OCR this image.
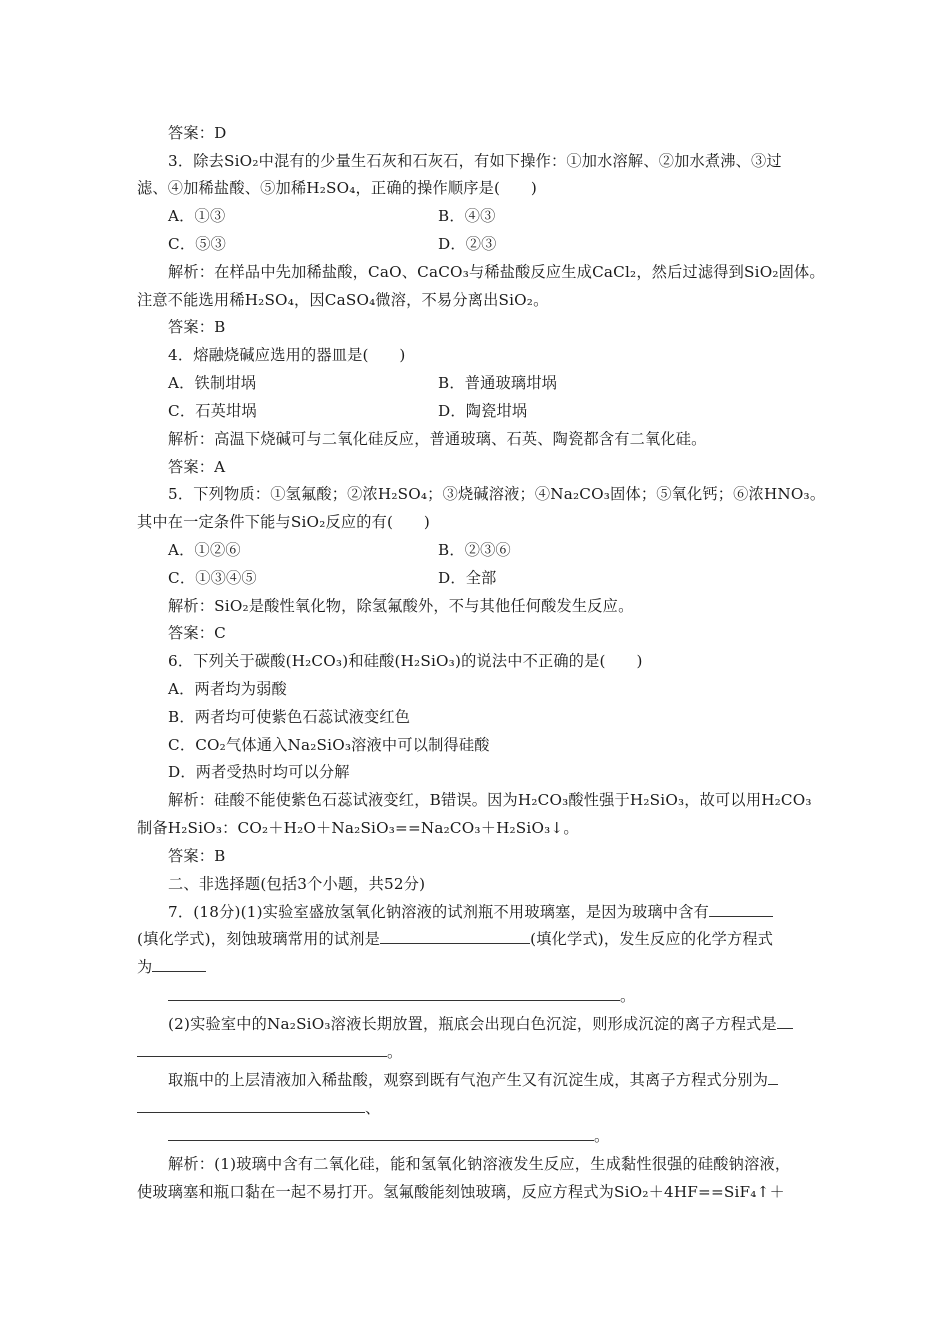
答案：D
3．除去SiO₂中混有的少量生石灰和石灰石，有如下操作：①加水溶解、②加水煮沸、③过
滤、④加稀盐酸、⑤加稀H₂SO₄，正确的操作顺序是(　　)
A．①③	B．④③
C．⑤③	D．②③
解析：在样品中先加稀盐酸，CaO、CaCO₃与稀盐酸反应生成CaCl₂，然后过滤得到SiO₂固体。
注意不能选用稀H₂SO₄，因CaSO₄微溶，不易分离出SiO₂。
答案：B
4．熔融烧碱应选用的器皿是(　　)
A．铁制坩埚	B．普通玻璃坩埚
C．石英坩埚	D．陶瓷坩埚
解析：高温下烧碱可与二氧化硅反应，普通玻璃、石英、陶瓷都含有二氧化硅。
答案：A
5．下列物质：①氢氟酸；②浓H₂SO₄；③烧碱溶液；④Na₂CO₃固体；⑤氧化钙；⑥浓HNO₃。
其中在一定条件下能与SiO₂反应的有(　　)
A．①②⑥	B．②③⑥
C．①③④⑤	D．全部
解析：SiO₂是酸性氧化物，除氢氟酸外，不与其他任何酸发生反应。
答案：C
6．下列关于碳酸(H₂CO₃)和硅酸(H₂SiO₃)的说法中不正确的是(　　)
A．两者均为弱酸
B．两者均可使紫色石蕊试液变红色
C．CO₂气体通入Na₂SiO₃溶液中可以制得硅酸
D．两者受热时均可以分解
解析：硅酸不能使紫色石蕊试液变红，B错误。因为H₂CO₃酸性强于H₂SiO₃，故可以用H₂CO₃
制备H₂SiO₃：CO₂＋H₂O＋Na₂SiO₃==Na₂CO₃＋H₂SiO₃↓。
答案：B
二、非选择题(包括3个小题，共52分)
7．(18分)(1)实验室盛放氢氧化钠溶液的试剂瓶不用玻璃塞，是因为玻璃中含有
(填化学式)，刻蚀玻璃常用的试剂是	(填化学式)，发生反应的化学方程式
为
。
(2)实验室中的Na₂SiO₃溶液长期放置，瓶底会出现白色沉淀，则形成沉淀的离子方程式是
。
取瓶中的上层清液加入稀盐酸，观察到既有气泡产生又有沉淀生成，其离子方程式分别为
、
。
解析：(1)玻璃中含有二氧化硅，能和氢氧化钠溶液发生反应，生成黏性很强的硅酸钠溶液，
使玻璃塞和瓶口黏在一起不易打开。氢氟酸能刻蚀玻璃，反应方程式为SiO₂＋4HF==SiF₄↑＋
